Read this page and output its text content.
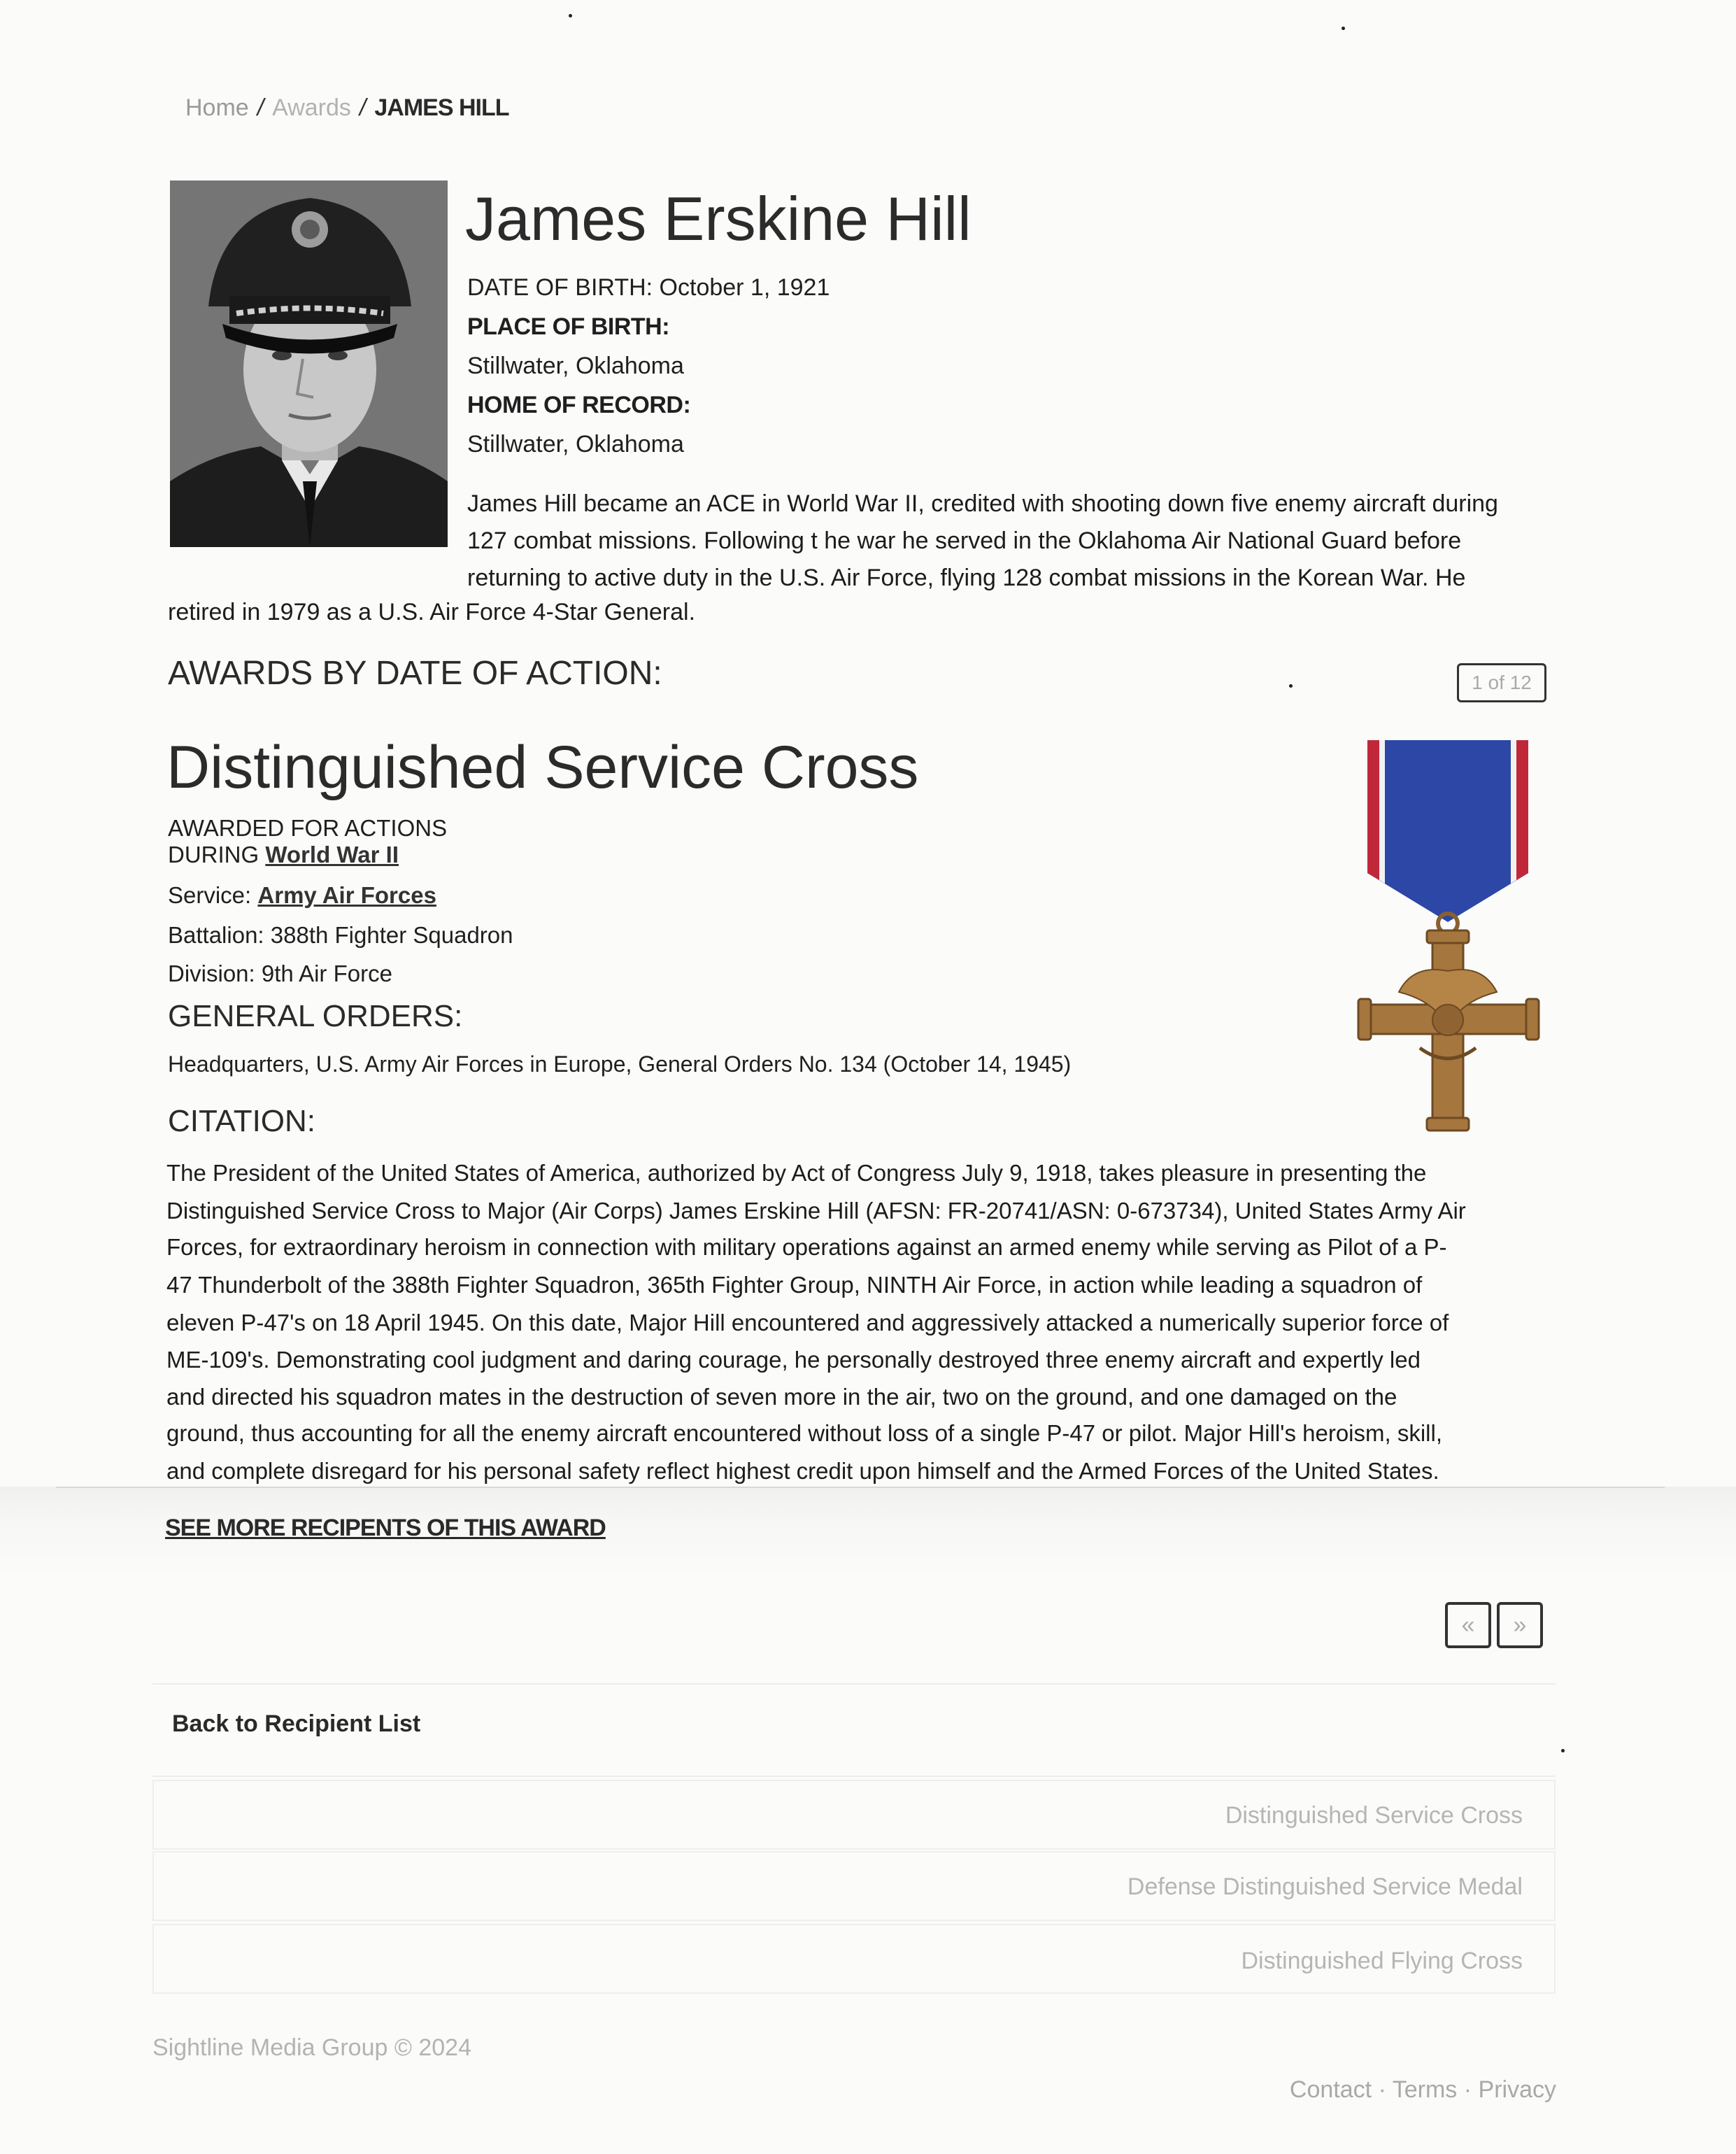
Home / Awards / JAMES HILL
James Erskine Hill
DATE OF BIRTH: October 1, 1921
PLACE OF BIRTH:
Stillwater, Oklahoma
HOME OF RECORD:
Stillwater, Oklahoma
James Hill became an ACE in World War II, credited with shooting down five enemy aircraft during
127 combat missions. Following t he war he served in the Oklahoma Air National Guard before
returning to active duty in the U.S. Air Force, flying 128 combat missions in the Korean War. He
retired in 1979 as a U.S. Air Force 4-Star General.
AWARDS BY DATE OF ACTION:	1 of 12
Distinguished Service Cross
AWARDED FOR ACTIONS
DURING World War II
Service: Army Air Forces
Battalion: 388th Fighter Squadron
Division: 9th Air Force
GENERAL ORDERS:
Headquarters, U.S. Army Air Forces in Europe, General Orders No. 134 (October 14, 1945)
CITATION:
The President of the United States of America, authorized by Act of Congress July 9, 1918, takes pleasure in presenting the
Distinguished Service Cross to Major (Air Corps) James Erskine Hill (AFSN: FR-20741/ASN: 0-673734), United States Army Air
Forces, for extraordinary heroism in connection with military operations against an armed enemy while serving as Pilot of a P-
47 Thunderbolt of the 388th Fighter Squadron, 365th Fighter Group, NINTH Air Force, in action while leading a squadron of
eleven P-47's on 18 April 1945. On this date, Major Hill encountered and aggressively attacked a numerically superior force of
ME-109's. Demonstrating cool judgment and daring courage, he personally destroyed three enemy aircraft and expertly led
and directed his squadron mates in the destruction of seven more in the air, two on the ground, and one damaged on the
ground, thus accounting for all the enemy aircraft encountered without loss of a single P-47 or pilot. Major Hill's heroism, skill,
and complete disregard for his personal safety reflect highest credit upon himself and the Armed Forces of the United States.
SEE MORE RECIPENTS OF THIS AWARD
«	»
Back to Recipient List
Distinguished Service Cross
Defense Distinguished Service Medal
Distinguished Flying Cross
Sightline Media Group © 2024
Contact · Terms · Privacy
